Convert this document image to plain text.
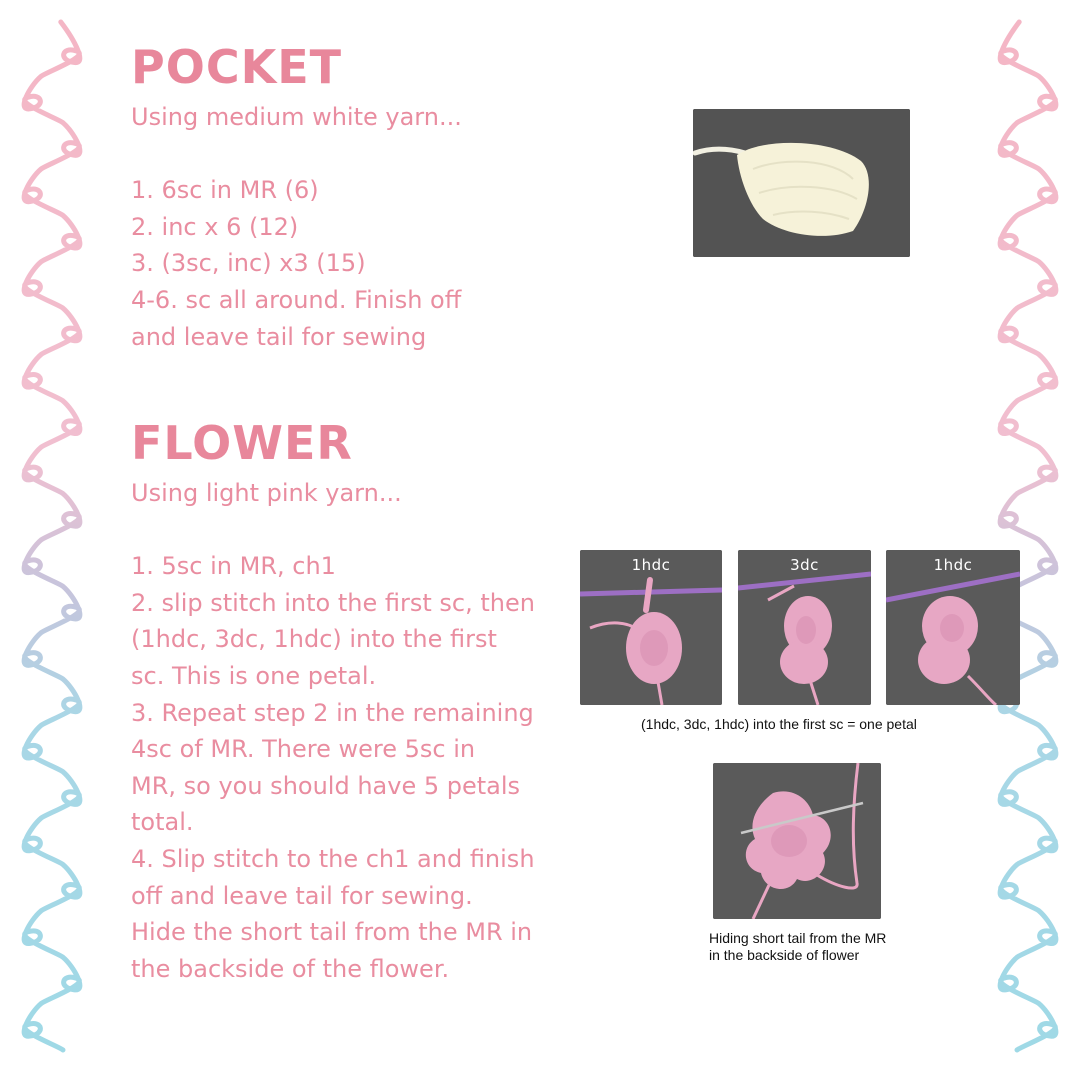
POCKET
Using medium white yarn...
1. 6sc in MR (6)
2. inc x 6 (12)
3. (3sc, inc) x3 (15)
4-6. sc all around. Finish off
and leave tail for sewing
FLOWER
Using light pink yarn...
1. 5sc in MR, ch1
2. slip stitch into the first sc, then
(1hdc, 3dc, 1hdc) into the first
sc. This is one petal.
3. Repeat step 2 in the remaining
4sc of MR. There were 5sc in
MR, so you should have 5 petals
total.
4. Slip stitch to the ch1 and finish
off and leave tail for sewing.
Hide the short tail from the MR in
the backside of the flower.
1hdc	3dc	1hdc
(1hdc, 3dc, 1hdc) into the first sc = one petal
Hiding short tail from the MR
in the backside of flower
